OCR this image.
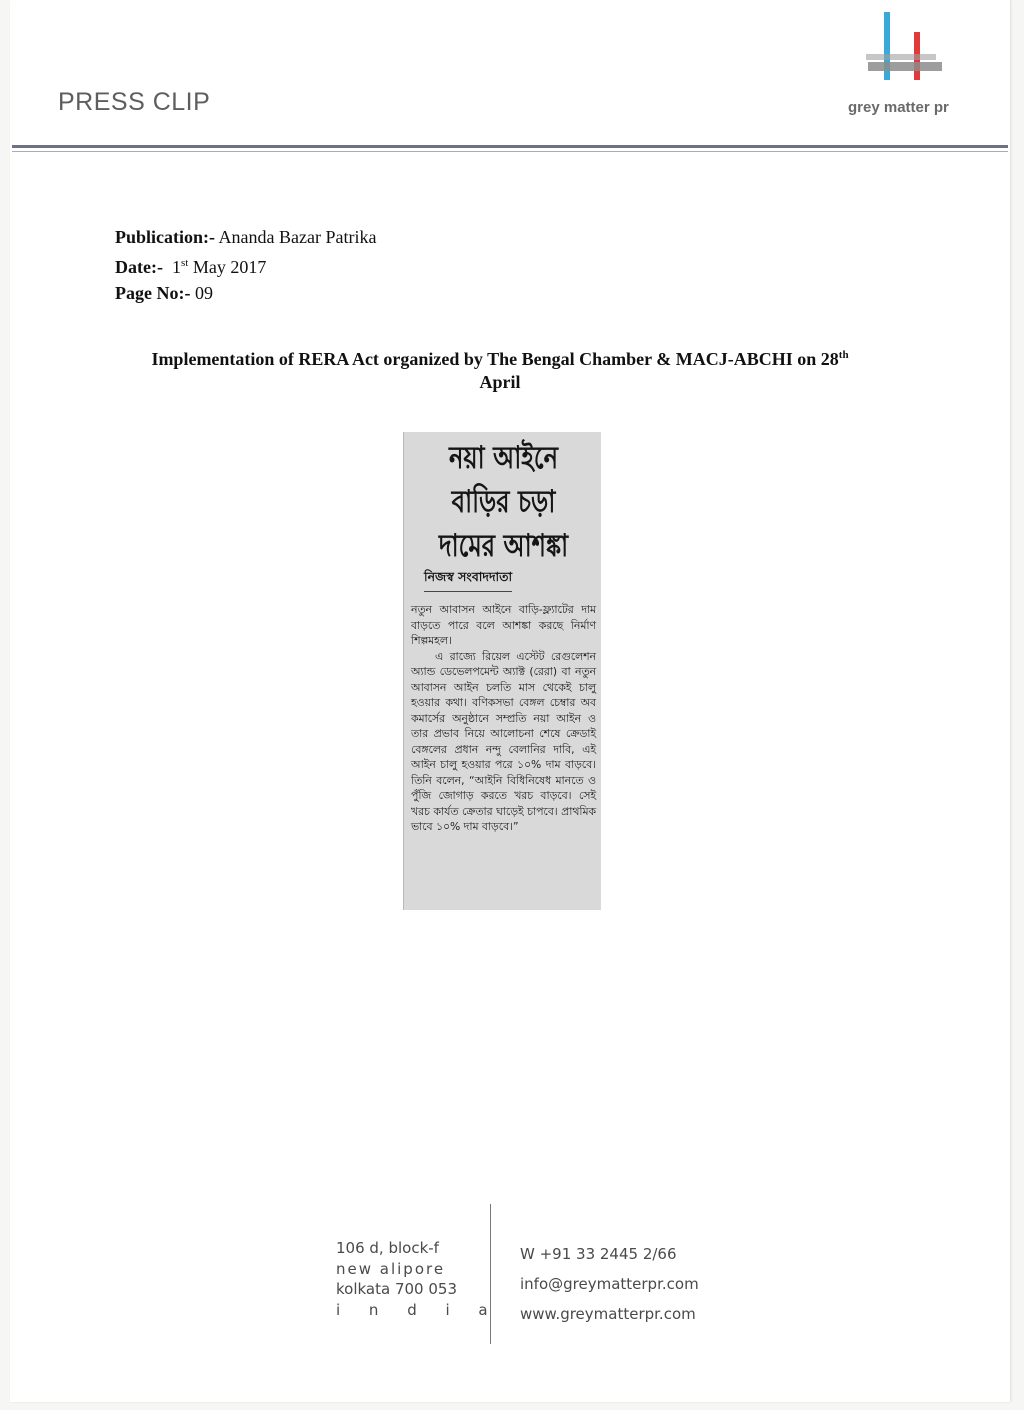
PRESS CLIP	grey matter pr
Publication:- Ananda Bazar Patrika
Date:- 1st May 2017
Page No:- 09
Implementation of RERA Act organized by The Bengal Chamber & MACJ-ABCHI on 28th
April
নয়া আইনে
বাড়ির চড়া
দামের আশঙ্কা
নিজস্ব সংবাদদাতা

নতুন আবাসন আইনে বাড়ি-ফ্ল্যাটের দাম বাড়তে পারে বলে আশঙ্কা করছে নির্মাণ শিল্পমহল।

এ রাজ্যে রিয়েল এস্টেট রেগুলেশন অ্যান্ড ডেভেলপমেন্ট অ্যাক্ট (রেরা) বা নতুন আবাসন আইন চলতি মাস থেকেই চালু হওয়ার কথা। বণিকসভা বেঙ্গল চেম্বার অব কমার্সের অনুষ্ঠানে সম্প্রতি নয়া আইন ও তার প্রভাব নিয়ে আলোচনা শেষে ক্রেডাই বেঙ্গলের প্রধান নন্দু বেলানির দাবি, এই আইন চালু হওয়ার পরে ১০% দাম বাড়বে। তিনি বলেন, “আইনি বিধিনিষেধ মানতে ও পুঁজি জোগাড় করতে খরচ বাড়বে। সেই খরচ কার্যত ক্রেতার ঘাড়েই চাপবে। প্রাথমিক ভাবে ১০% দাম বাড়বে।”

106 d, block-f
new alipore
kolkata 700 053
i n d i a
W +91 33 2445 2/66
info@greymatterpr.com
www.greymatterpr.com
